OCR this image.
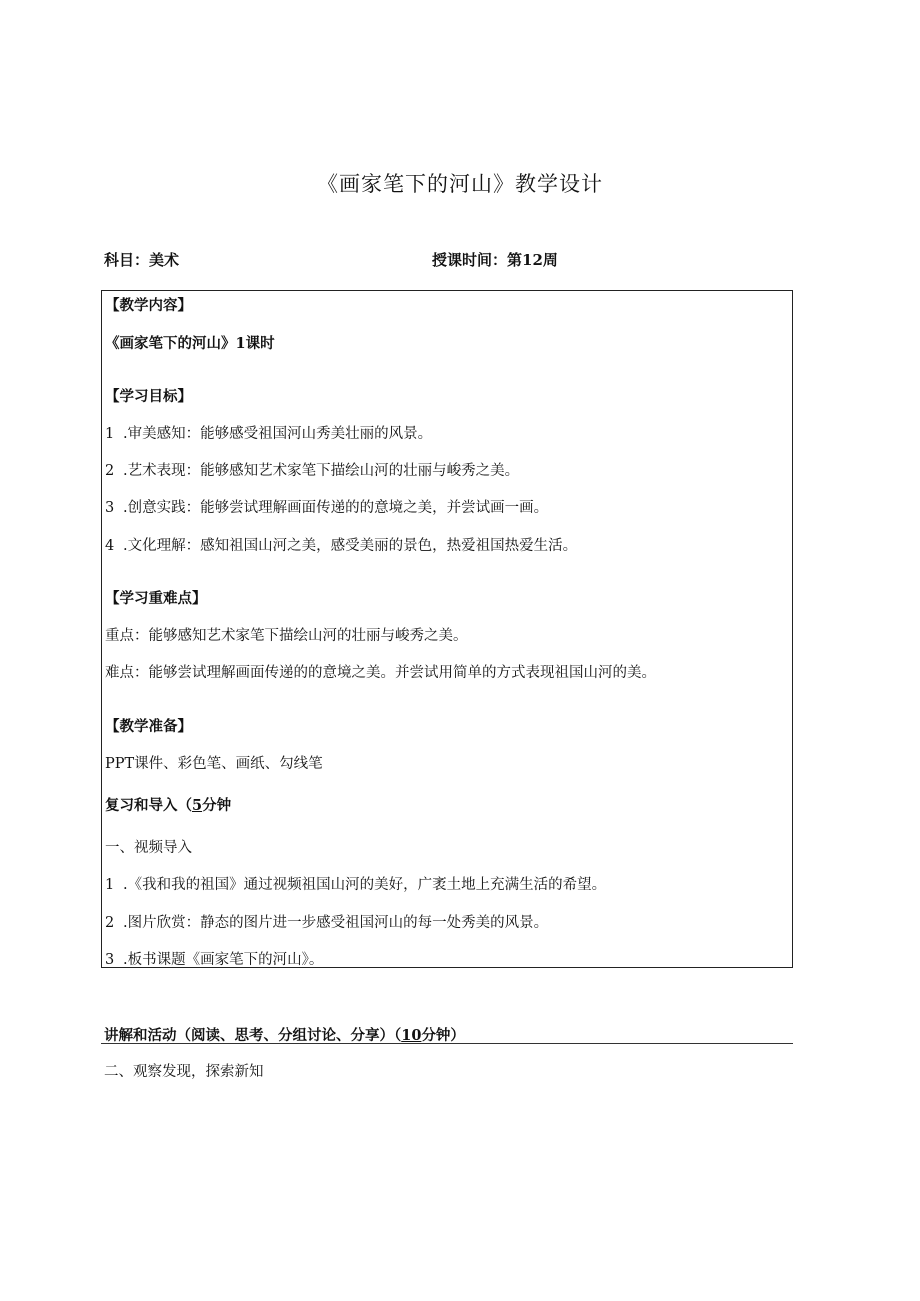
《画家笔下的河山》教学设计
科目：美术	授课时间：第12周
【教学内容】
《画家笔下的河山》1课时
【学习目标】
1 .审美感知：能够感受祖国河山秀美壮丽的风景。
2 .艺术表现：能够感知艺术家笔下描绘山河的壮丽与峻秀之美。
3 .创意实践：能够尝试理解画面传递的的意境之美，并尝试画一画。
4 .文化理解：感知祖国山河之美，感受美丽的景色，热爱祖国热爱生活。
【学习重难点】
重点：能够感知艺术家笔下描绘山河的壮丽与峻秀之美。
难点：能够尝试理解画面传递的的意境之美。并尝试用简单的方式表现祖国山河的美。
【教学准备】
PPT课件、彩色笔、画纸、勾线笔
复习和导入（5分钟
一、视频导入
1 .《我和我的祖国》通过视频祖国山河的美好，广袤土地上充满生活的希望。
2 .图片欣赏：静态的图片进一步感受祖国河山的每一处秀美的风景。
3 .板书课题《画家笔下的河山》。
讲解和活动（阅读、思考、分组讨论、分享）（10分钟）
二、观察发现，探索新知
